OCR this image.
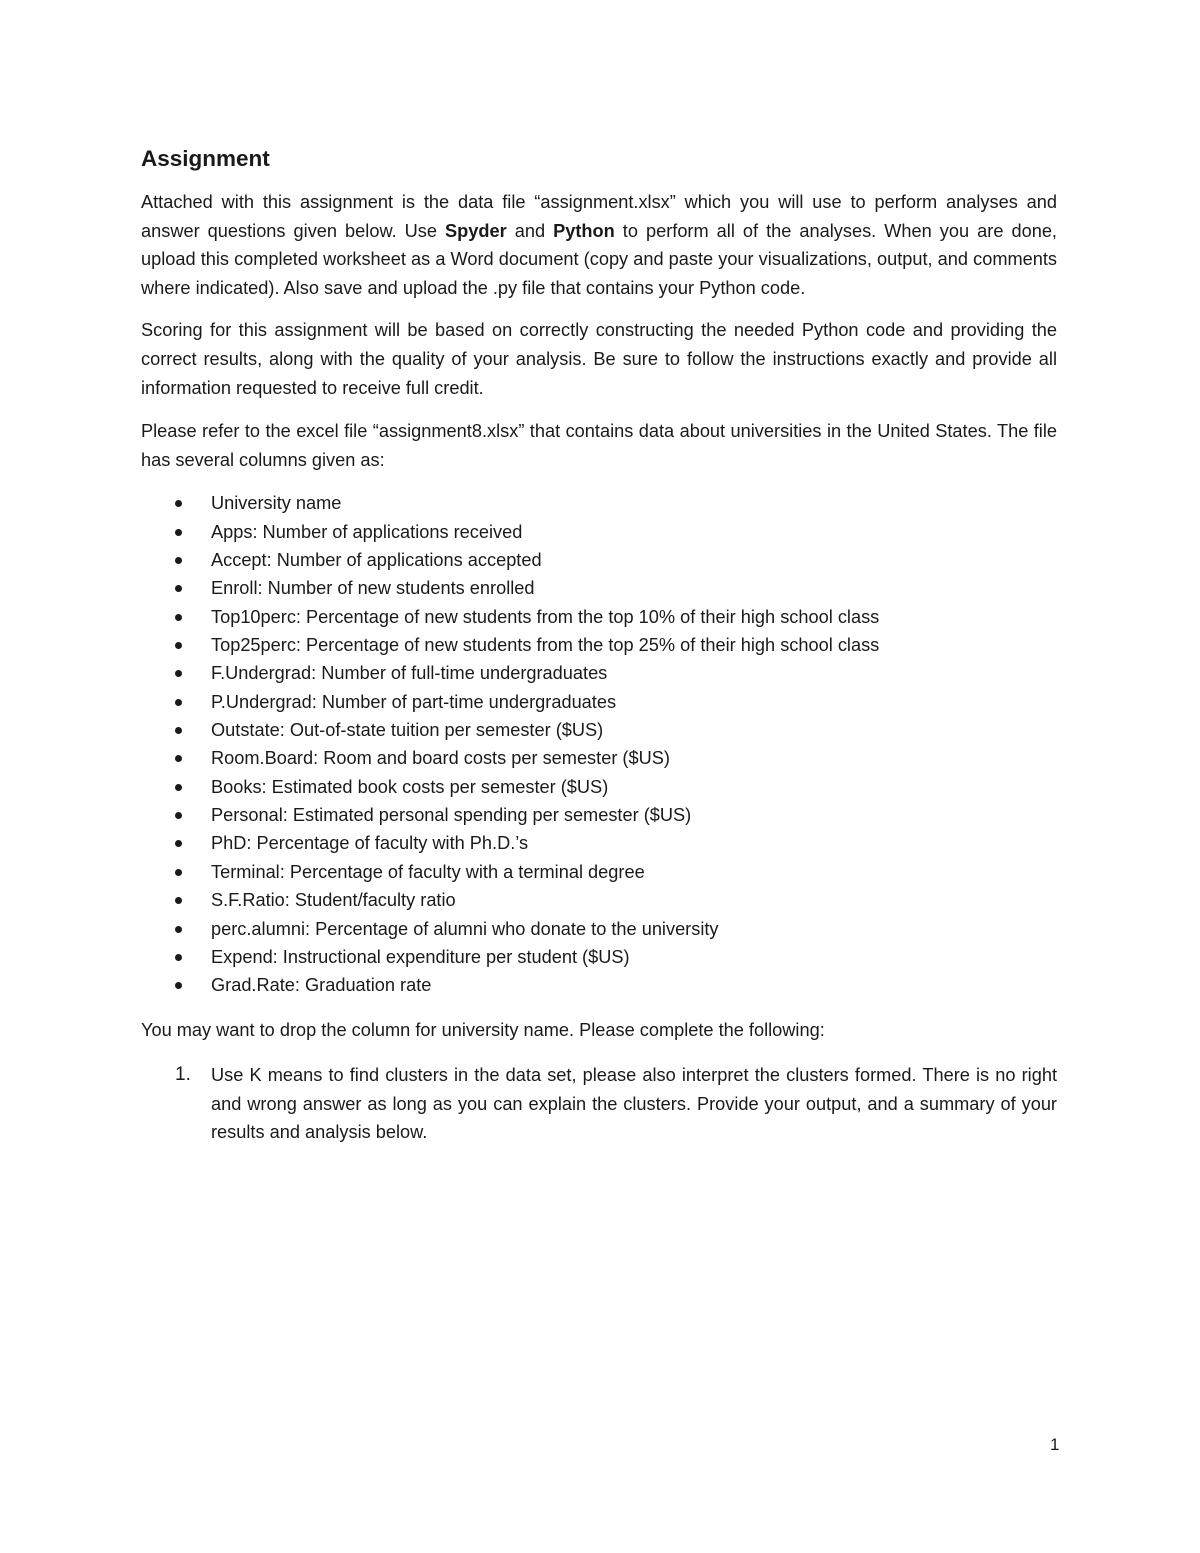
Assignment

Attached with this assignment is the data file “assignment.xlsx” which you will use to perform analyses and answer questions given below. Use Spyder and Python to perform all of the analyses. When you are done, upload this completed worksheet as a Word document (copy and paste your visualizations, output, and comments where indicated). Also save and upload the .py file that contains your Python code.

Scoring for this assignment will be based on correctly constructing the needed Python code and providing the correct results, along with the quality of your analysis. Be sure to follow the instructions exactly and provide all information requested to receive full credit.

Please refer to the excel file “assignment8.xlsx” that contains data about universities in the United States. The file has several columns given as:

University name
Apps: Number of applications received
Accept: Number of applications accepted
Enroll: Number of new students enrolled
Top10perc: Percentage of new students from the top 10% of their high school class
Top25perc: Percentage of new students from the top 25% of their high school class
F.Undergrad: Number of full-time undergraduates
P.Undergrad: Number of part-time undergraduates
Outstate: Out-of-state tuition per semester ($US)
Room.Board: Room and board costs per semester ($US)
Books: Estimated book costs per semester ($US)
Personal: Estimated personal spending per semester ($US)
PhD: Percentage of faculty with Ph.D.’s
Terminal: Percentage of faculty with a terminal degree
S.F.Ratio: Student/faculty ratio
perc.alumni: Percentage of alumni who donate to the university
Expend: Instructional expenditure per student ($US)
Grad.Rate: Graduation rate

You may want to drop the column for university name. Please complete the following:

1. Use K means to find clusters in the data set, please also interpret the clusters formed. There is no right and wrong answer as long as you can explain the clusters. Provide your output, and a summary of your results and analysis below.

1
